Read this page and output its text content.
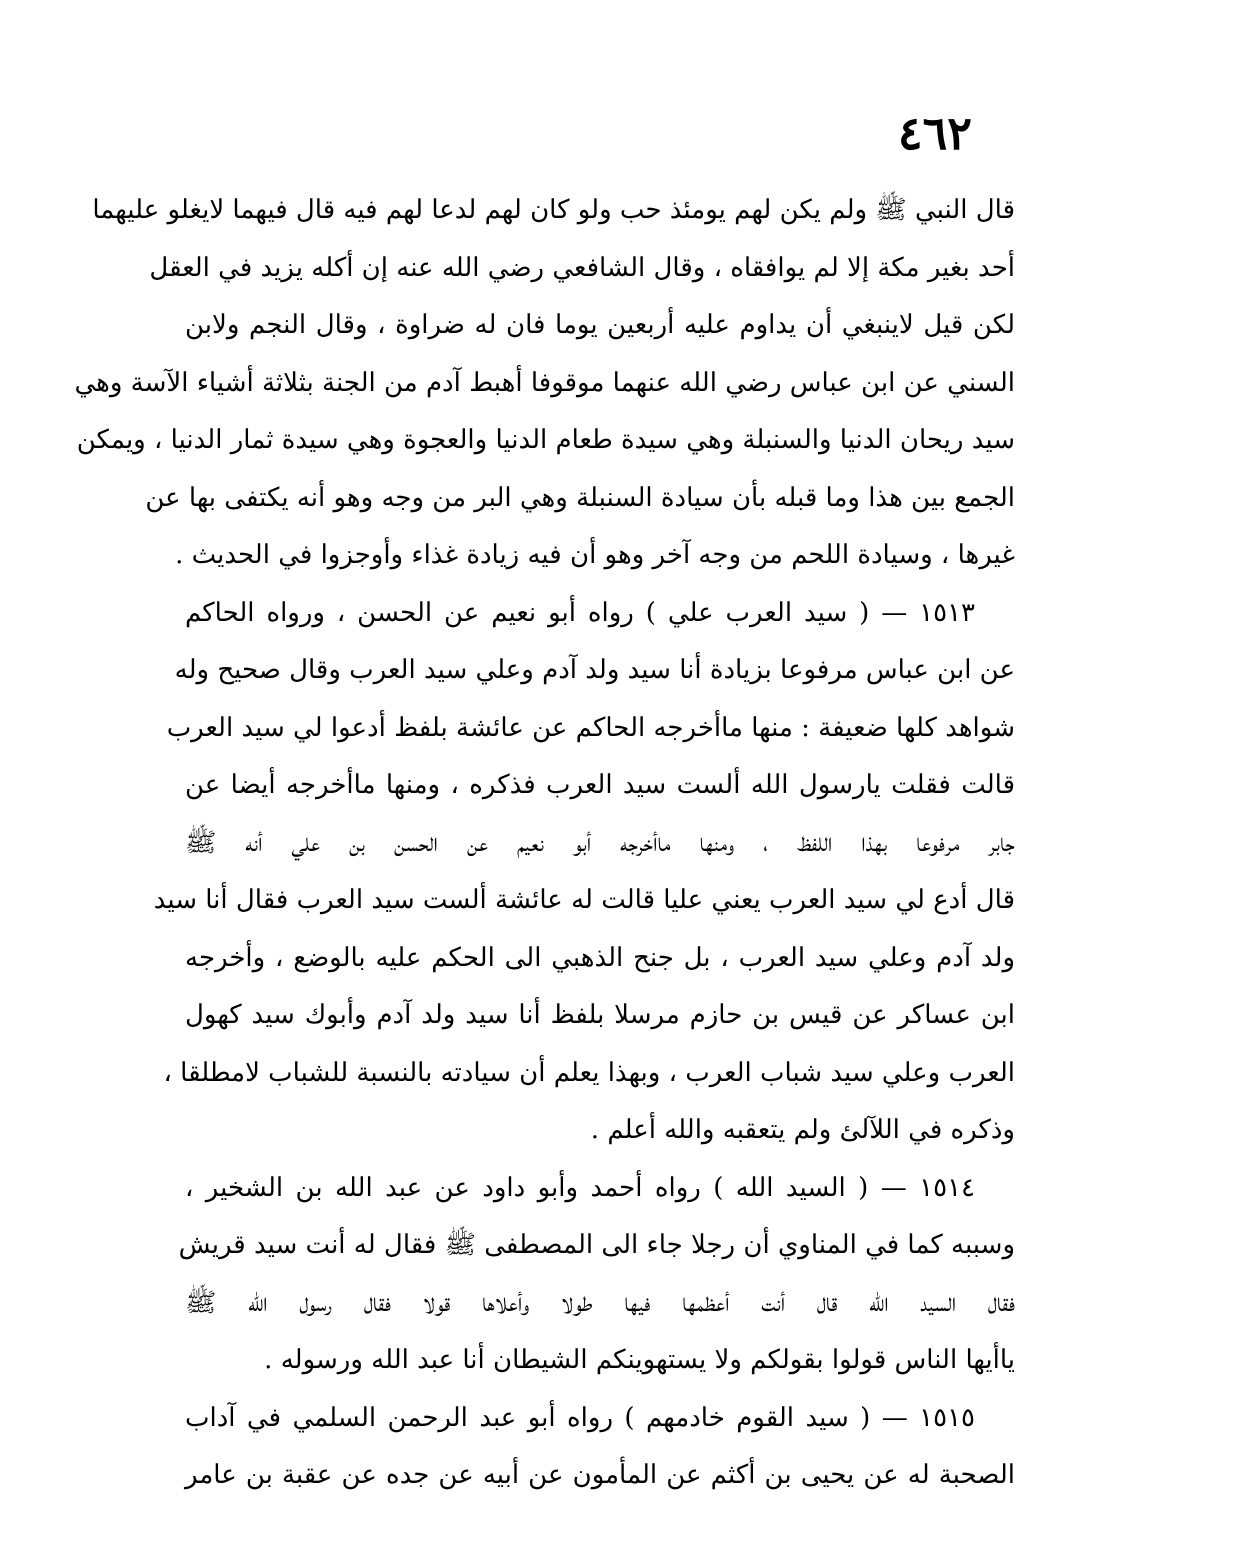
٤٦٢
قال النبي ﷺ ولم يكن لهم يومئذ حب ولو كان لهم لدعا لهم فيه قال فيهما لايغلو عليهما
أحد بغير مكة إلا لم يوافقاه ، وقال الشافعي رضي الله عنه إن أكله يزيد في العقل
لكن قيل لاينبغي أن يداوم عليه أربعين يوما فان له ضراوة ، وقال النجم ولابن
السني عن ابن عباس رضي الله عنهما موقوفا أهبط آدم من الجنة بثلاثة أشياء الآسة وهي
سيد ريحان الدنيا والسنبلة وهي سيدة طعام الدنيا والعجوة وهي سيدة ثمار الدنيا ، ويمكن
الجمع بين هذا وما قبله بأن سيادة السنبلة وهي البر من وجه وهو أنه يكتفى بها عن
غيرها ، وسيادة اللحم من وجه آخر وهو أن فيه زيادة غذاء وأوجزوا في الحديث .
١٥١٣ — ( سيد العرب علي ) رواه أبو نعيم عن الحسن ، ورواه الحاكم
عن ابن عباس مرفوعا بزيادة أنا سيد ولد آدم وعلي سيد العرب وقال صحيح وله
شواهد كلها ضعيفة : منها ماأخرجه الحاكم عن عائشة بلفظ أدعوا لي سيد العرب
قالت فقلت يارسول الله ألست سيد العرب فذكره ، ومنها ماأخرجه أيضا عن
جابر مرفوعا بهذا اللفظ ، ومنها ماأخرجه أبو نعيم عن الحسن بن علي أنه ﷺ
قال أدع لي سيد العرب يعني عليا قالت له عائشة ألست سيد العرب فقال أنا سيد
ولد آدم وعلي سيد العرب ، بل جنح الذهبي الى الحكم عليه بالوضع ، وأخرجه
ابن عساكر عن قيس بن حازم مرسلا بلفظ أنا سيد ولد آدم وأبوك سيد كهول
العرب وعلي سيد شباب العرب ، وبهذا يعلم أن سيادته بالنسبة للشباب لامطلقا ،
وذكره في اللآلئ ولم يتعقبه والله أعلم .
١٥١٤ — ( السيد الله ) رواه أحمد وأبو داود عن عبد الله بن الشخير ،
وسببه كما في المناوي أن رجلا جاء الى المصطفى ﷺ فقال له أنت سيد قريش
فقال السيد الله قال أنت أعظمها فيها طولا وأعلاها قولا فقال رسول الله ﷺ
ياأيها الناس قولوا بقولكم ولا يستهوينكم الشيطان أنا عبد الله ورسوله .
١٥١٥ — ( سيد القوم خادمهم ) رواه أبو عبد الرحمن السلمي في آداب
الصحبة له عن يحيى بن أكثم عن المأمون عن أبيه عن جده عن عقبة بن عامر
